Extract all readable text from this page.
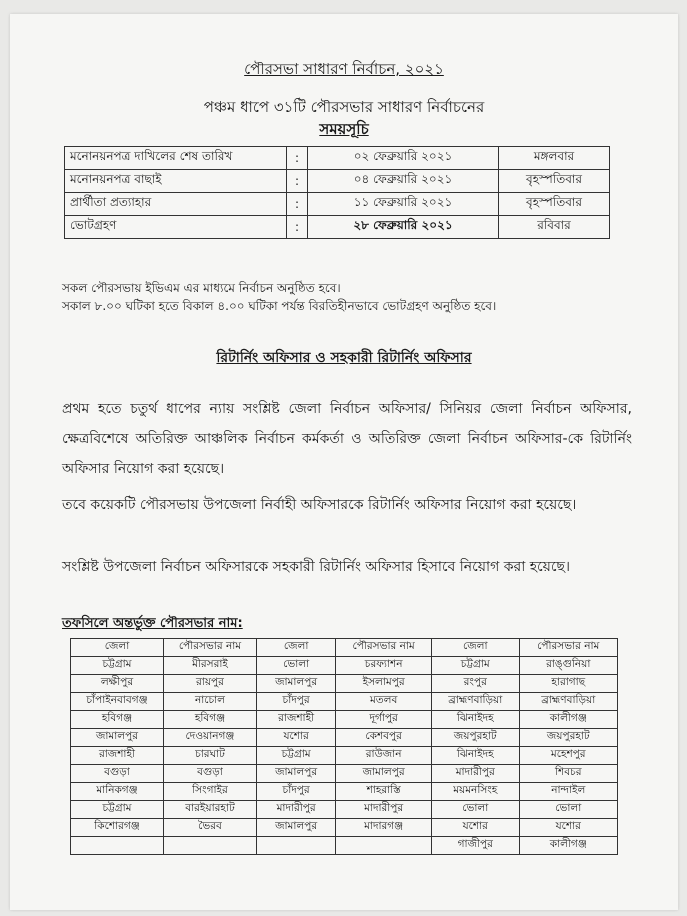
পৌরসভা সাধারণ নির্বাচন, ২০২১
পঞ্চম ধাপে ৩১টি পৌরসভার সাধারণ নির্বাচনের
সময়সূচি
মনোনয়নপত্র দাখিলের শেষ তারিখ	:	০২ ফেব্রুয়ারি ২০২১	মঙ্গলবার
মনোনয়নপত্র বাছাই	:	০৪ ফেব্রুয়ারি ২০২১	বৃহস্পতিবার
প্রার্থীতা প্রত্যাহার	:	১১ ফেব্রুয়ারি ২০২১	বৃহস্পতিবার
ভোটগ্রহণ	:	২৮ ফেব্রুয়ারি ২০২১	রবিবার
সকল পৌরসভায় ইভিএম এর মাধ্যমে নির্বাচন অনুষ্ঠিত হবে।
সকাল ৮.০০ ঘটিকা হতে বিকাল ৪.০০ ঘটিকা পর্যন্ত বিরতিহীনভাবে ভোটগ্রহণ অনুষ্ঠিত হবে।
রিটার্নিং অফিসার ও সহকারী রিটার্নিং অফিসার
প্রথম হতে চতুর্থ ধাপের ন্যায় সংশ্লিষ্ট জেলা নির্বাচন অফিসার/ সিনিয়র জেলা নির্বাচন অফিসার, ক্ষেত্রবিশেষে অতিরিক্ত আঞ্চলিক নির্বাচন কর্মকর্তা ও অতিরিক্ত জেলা নির্বাচন অফিসার-কে রিটার্নিং অফিসার নিয়োগ করা হয়েছে।
তবে কয়েকটি পৌরসভায় উপজেলা নির্বাহী অফিসারকে রিটার্নিং অফিসার নিয়োগ করা হয়েছে।
সংশ্লিষ্ট উপজেলা নির্বাচন অফিসারকে সহকারী রিটার্নিং অফিসার হিসাবে নিয়োগ করা হয়েছে।
তফসিলে অন্তর্ভুক্ত পৌরসভার নাম:
জেলা	পৌরসভার নাম	জেলা	পৌরসভার নাম	জেলা	পৌরসভার নাম
চট্টগ্রাম	মীরসরাই	ভোলা	চরফ্যাশন	চট্টগ্রাম	রাঙ্গুনিয়া
লক্ষীপুর	রায়পুর	জামালপুর	ইসলামপুর	রংপুর	হারাগাছ
চাঁপাইনবাবগঞ্জ	নাচোল	চাঁদপুর	মতলব	ব্রাহ্মণবাড়িয়া	ব্রাহ্মণবাড়িয়া
হবিগঞ্জ	হবিগঞ্জ	রাজশাহী	দূর্গাপুর	ঝিনাইদহ	কালীগঞ্জ
জামালপুর	দেওয়ানগঞ্জ	যশোর	কেশবপুর	জয়পুরহাট	জয়পুরহাট
রাজশাহী	চারঘাট	চট্টগ্রাম	রাউজান	ঝিনাইদহ	মহেশপুর
বগুড়া	বগুড়া	জামালপুর	জামালপুর	মাদারীপুর	শিবচর
মানিকগঞ্জ	সিংগাইর	চাঁদপুর	শাহরাস্তি	ময়মনসিংহ	নান্দাইল
চট্টগ্রাম	বারইয়ারহাট	মাদারীপুর	মাদারীপুর	ভোলা	ভোলা
কিশোরগঞ্জ	ভৈরব	জামালপুর	মাদারগঞ্জ	যশোর	যশোর
				গাজীপুর	কালীগঞ্জ
